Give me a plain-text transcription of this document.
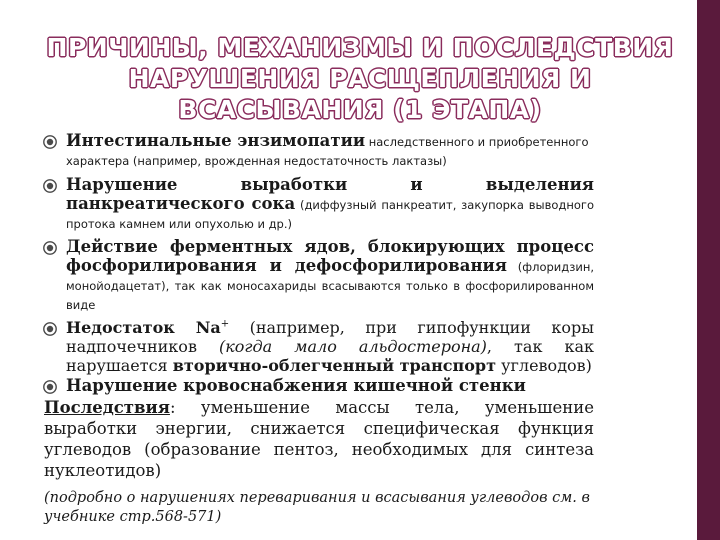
ПРИЧИНЫ, МЕХАНИЗМЫ И ПОСЛЕДСТВИЯ
НАРУШЕНИЯ РАСЩЕПЛЕНИЯ И
ВСАСЫВАНИЯ (1 ЭТАПА)
Интестинальные энзимопатии наследственного и приобретенного характера (например, врожденная недостаточность лактазы)
Нарушение выработки и выделения панкреатического сока (диффузный панкреатит, закупорка выводного протока камнем или опухолью и др.)
Действие ферментных ядов, блокирующих процесс фосфорилирования и дефосфорилирования (флоридзин, монойодацетат), так как моносахариды всасываются только в фосфорилированном виде
Недостаток Na+ (например, при гипофункции коры надпочечников (когда мало альдостерона), так как нарушается вторично-облегченный транспорт углеводов)
Нарушение кровоснабжения кишечной стенки
Последствия: уменьшение массы тела, уменьшение выработки энергии, снижается специфическая функция углеводов (образование пентоз, необходимых для синтеза нуклеотидов)
(подробно о нарушениях переваривания и всасывания углеводов см. в учебнике стр.568-571)
